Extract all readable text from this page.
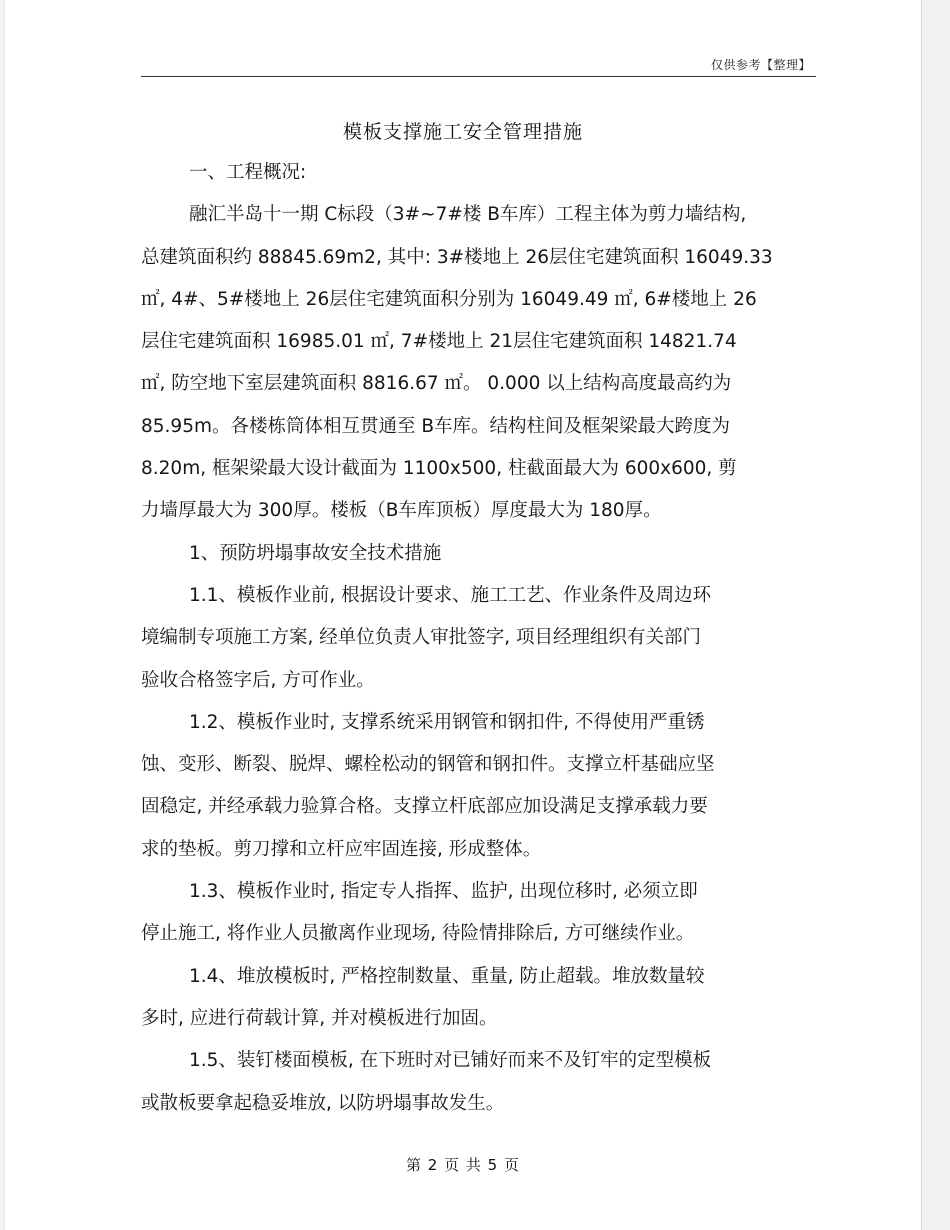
仅供参考【整理】
模板支撑施工安全管理措施
一、工程概况:
融汇半岛十一期 C标段（3#~7#楼 B车库）工程主体为剪力墙结构,
总建筑面积约 88845.69m2, 其中: 3#楼地上 26层住宅建筑面积 16049.33
㎡, 4#、5#楼地上 26层住宅建筑面积分别为 16049.49 ㎡, 6#楼地上 26
层住宅建筑面积 16985.01 ㎡, 7#楼地上 21层住宅建筑面积 14821.74
㎡, 防空地下室层建筑面积 8816.67 ㎡。 0.000 以上结构高度最高约为
85.95m。各楼栋筒体相互贯通至 B车库。结构柱间及框架梁最大跨度为
8.20m, 框架梁最大设计截面为 1100x500, 柱截面最大为 600x600, 剪
力墙厚最大为 300厚。楼板（B车库顶板）厚度最大为 180厚。
1、预防坍塌事故安全技术措施
1.1、模板作业前, 根据设计要求、施工工艺、作业条件及周边环
境编制专项施工方案, 经单位负责人审批签字, 项目经理组织有关部门
验收合格签字后, 方可作业。
1.2、模板作业时, 支撑系统采用钢管和钢扣件, 不得使用严重锈
蚀、变形、断裂、脱焊、螺栓松动的钢管和钢扣件。支撑立杆基础应坚
固稳定, 并经承载力验算合格。支撑立杆底部应加设满足支撑承载力要
求的垫板。剪刀撑和立杆应牢固连接, 形成整体。
1.3、模板作业时, 指定专人指挥、监护, 出现位移时, 必须立即
停止施工, 将作业人员撤离作业现场, 待险情排除后, 方可继续作业。
1.4、堆放模板时, 严格控制数量、重量, 防止超载。堆放数量较
多时, 应进行荷载计算, 并对模板进行加固。
1.5、装钉楼面模板, 在下班时对已铺好而来不及钉牢的定型模板
或散板要拿起稳妥堆放, 以防坍塌事故发生。
第 2 页 共 5 页
